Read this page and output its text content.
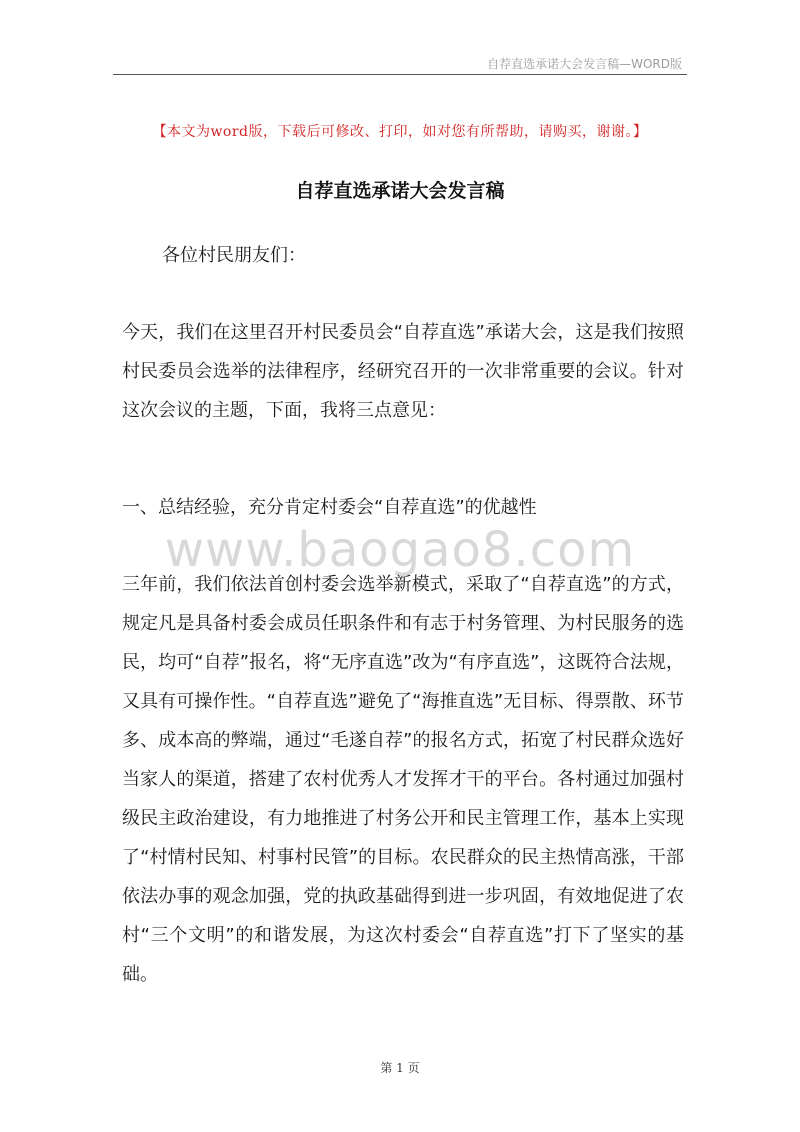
自荐直选承诺大会发言稿—WORD版
【本文为word版，下载后可修改、打印，如对您有所帮助，请购买，谢谢。】
自荐直选承诺大会发言稿

各位村民朋友们：

今天，我们在这里召开村民委员会“自荐直选”承诺大会，这是我们按照村民委员会选举的法律程序，经研究召开的一次非常重要的会议。针对这次会议的主题，下面，我将三点意见：

一、总结经验，充分肯定村委会“自荐直选”的优越性

www.baogao8.com

三年前，我们依法首创村委会选举新模式，采取了“自荐直选”的方式，规定凡是具备村委会成员任职条件和有志于村务管理、为村民服务的选民，均可“自荐”报名，将“无序直选”改为“有序直选”，这既符合法规，又具有可操作性。“自荐直选”避免了“海推直选”无目标、得票散、环节多、成本高的弊端，通过“毛遂自荐”的报名方式，拓宽了村民群众选好当家人的渠道，搭建了农村优秀人才发挥才干的平台。各村通过加强村级民主政治建设，有力地推进了村务公开和民主管理工作，基本上实现了“村情村民知、村事村民管”的目标。农民群众的民主热情高涨，干部依法办事的观念加强，党的执政基础得到进一步巩固，有效地促进了农村“三个文明”的和谐发展，为这次村委会“自荐直选”打下了坚实的基础。

第 1 页
